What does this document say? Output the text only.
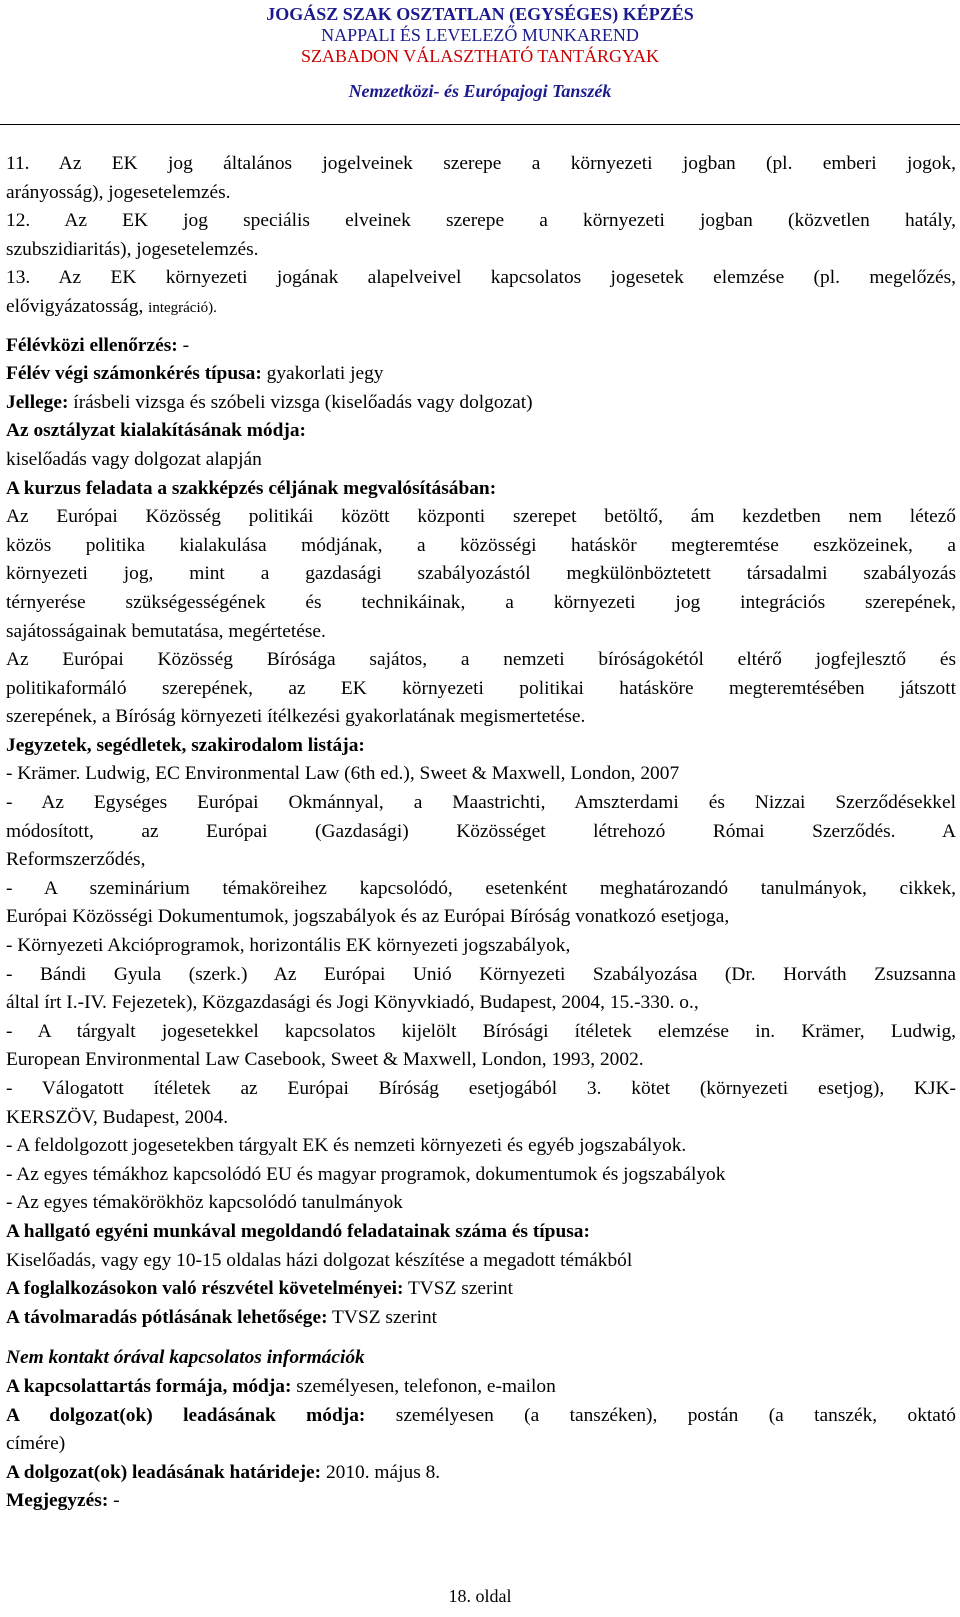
JOGÁSZ SZAK OSZTATLAN (EGYSÉGES) KÉPZÉS
NAPPALI ÉS LEVELEZŐ MUNKAREND
SZABADON VÁLASZTHATÓ TANTÁRGYAK
Nemzetközi- és Európajogi Tanszék

11. Az EK jog általános jogelveinek szerepe a környezeti jogban (pl. emberi jogok,

arányosság), jogesetelemzés.

12. Az EK jog speciális elveinek szerepe a környezeti jogban (közvetlen hatály,

szubszidiaritás), jogesetelemzés.

13. Az EK környezeti jogának alapelveivel kapcsolatos jogesetek elemzése (pl. megelőzés,

elővigyázatosság, integráció).

Félévközi ellenőrzés: -

Félév végi számonkérés típusa: gyakorlati jegy

Jellege: írásbeli vizsga és szóbeli vizsga (kiselőadás vagy dolgozat)

Az osztályzat kialakításának módja:

kiselőadás vagy dolgozat alapján

A kurzus feladata a szakképzés céljának megvalósításában:

Az Európai Közösség politikái között központi szerepet betöltő, ám kezdetben nem létező

közös politika kialakulása módjának, a közösségi hatáskör megteremtése eszközeinek, a

környezeti jog, mint a gazdasági szabályozástól megkülönböztetett társadalmi szabályozás

térnyerése szükségességének és technikáinak, a környezeti jog integrációs szerepének,

sajátosságainak bemutatása, megértetése.

Az Európai Közösség Bírósága sajátos, a nemzeti bíróságokétól eltérő jogfejlesztő és

politikaformáló szerepének, az EK környezeti politikai hatásköre megteremtésében játszott

szerepének, a Bíróság környezeti ítélkezési gyakorlatának megismertetése.

Jegyzetek, segédletek, szakirodalom listája:

- Krämer. Ludwig, EC Environmental Law (6th ed.), Sweet & Maxwell, London, 2007

- Az Egységes Európai Okmánnyal, a Maastrichti, Amszterdami és Nizzai Szerződésekkel

módosított, az Európai (Gazdasági) Közösséget létrehozó Római Szerződés. A

Reformszerződés,

- A szeminárium témaköreihez kapcsolódó, esetenként meghatározandó tanulmányok, cikkek,

Európai Közösségi Dokumentumok, jogszabályok és az Európai Bíróság vonatkozó esetjoga,

- Környezeti Akcióprogramok, horizontális EK környezeti jogszabályok,

- Bándi Gyula (szerk.) Az Európai Unió Környezeti Szabályozása (Dr. Horváth Zsuzsanna

által írt I.-IV. Fejezetek), Közgazdasági és Jogi Könyvkiadó, Budapest, 2004, 15.-330. o.,

- A tárgyalt jogesetekkel kapcsolatos kijelölt Bírósági ítéletek elemzése in. Krämer, Ludwig,

European Environmental Law Casebook, Sweet & Maxwell, London, 1993, 2002.

- Válogatott ítéletek az Európai Bíróság esetjogából 3. kötet (környezeti esetjog), KJK-

KERSZÖV, Budapest, 2004.

- A feldolgozott jogesetekben tárgyalt EK és nemzeti környezeti és egyéb jogszabályok.

- Az egyes témákhoz kapcsolódó EU és magyar programok, dokumentumok és jogszabályok

- Az egyes témakörökhöz kapcsolódó tanulmányok

A hallgató egyéni munkával megoldandó feladatainak száma és típusa:

Kiselőadás, vagy egy 10-15 oldalas házi dolgozat készítése a megadott témákból

A foglalkozásokon való részvétel követelményei: TVSZ szerint

A távolmaradás pótlásának lehetősége: TVSZ szerint

Nem kontakt órával kapcsolatos információk

A kapcsolattartás formája, módja: személyesen, telefonon, e-mailon

A dolgozat(ok) leadásának módja: személyesen (a tanszéken), postán (a tanszék, oktató

címére)

A dolgozat(ok) leadásának határideje: 2010. május 8.

Megjegyzés: -

18. oldal
